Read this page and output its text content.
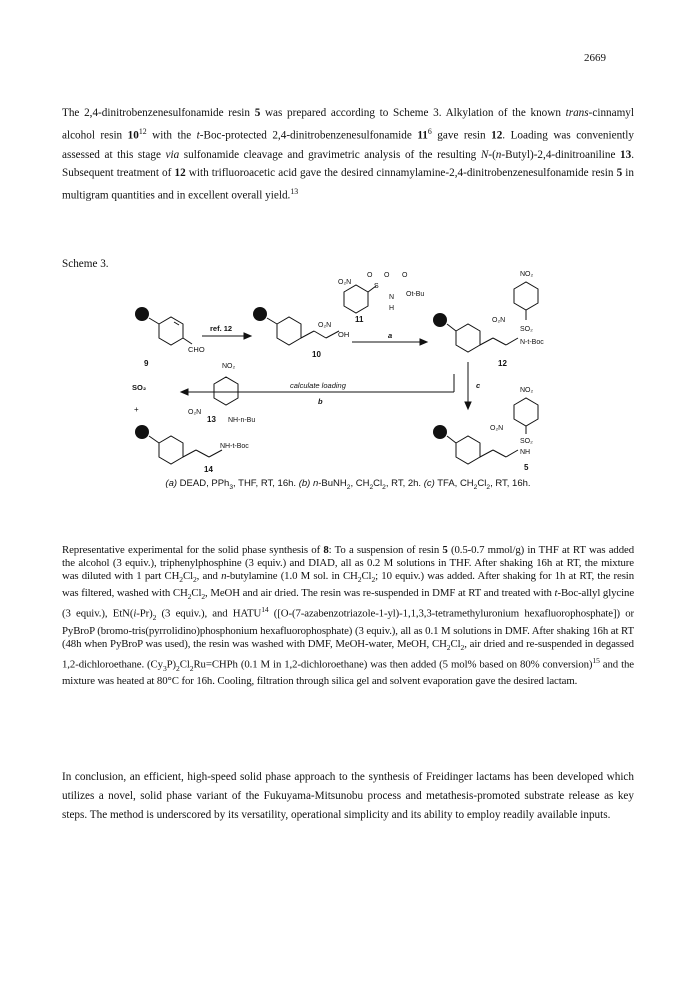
2669
The 2,4-dinitrobenzenesulfonamide resin 5 was prepared according to Scheme 3. Alkylation of the known trans-cinnamyl alcohol resin $10^{12}$ with the t-Boc-protected 2,4-dinitrobenzenesulfonamide $11^6$ gave resin 12. Loading was conveniently assessed at this stage via sulfonamide cleavage and gravimetric analysis of the resulting N-(n-Butyl)-2,4-dinitroaniline 13. Subsequent treatment of 12 with trifluoroacetic acid gave the desired cinnamylamine-2,4-dinitrobenzenesulfonamide resin 5 in multigram quantities and in excellent overall yield.$^{13}$
Scheme 3.
CHO
9
ref. 12
OH
10
O₂N
O₂N
S
O O
N
H
O
Ot-Bu
11
a
NO₂
O₂N
SO₂
N-t-Boc
12
c
calculate loading
b
SO₂
+
NO₂
O₂N
NH-n-Bu
13
NH-t-Boc
14
NO₂
O₂N
SO₂
NH
5
(a) DEAD, PPh$_3$, THF, RT, 16h. (b) n-BuNH$_2$, $CH_2Cl_2$, RT, 2h. (c) TFA, $CH_2Cl_2$, RT, 16h.
Representative experimental for the solid phase synthesis of 8: To a suspension of resin 5 (0.5-0.7 mmol/g) in THF at RT was added the alcohol (3 equiv.), triphenylphosphine (3 equiv.) and DIAD, all as 0.2 M solutions in THF. After shaking 16h at RT, the mixture was diluted with 1 part $CH_2Cl_2$, and n-butylamine (1.0 M sol. in $CH_2Cl_2$; 10 equiv.) was added. After shaking for 1h at RT, the resin was filtered, washed with $CH_2Cl_2$, MeOH and air dried. The resin was re-suspended in DMF at RT and treated with t-Boc-allyl glycine (3 equiv.), $EtN(i-Pr)_2$ (3 equiv.), and HATU$^{14}$ ([O-(7-azabenzotriazole-1-yl)-1,1,3,3-tetramethyluronium hexafluorophosphate]) or PyBroP (bromo-tris(pyrrolidino)phosphonium hexafluorophosphate) (3 equiv.), all as 0.1 M solutions in DMF. After shaking 16h at RT (48h when PyBroP was used), the resin was washed with DMF, MeOH-water, MeOH, $CH_2Cl_2$, air dried and re-suspended in degassed 1,2-dichloroethane. $(Cy_3P)_2Cl_2Ru=CHPh$ (0.1 M in 1,2-dichloroethane) was then added (5 mol% based on 80% conversion)$^{15}$ and the mixture was heated at 80°C for 16h. Cooling, filtration through silica gel and solvent evaporation gave the desired lactam.
In conclusion, an efficient, high-speed solid phase approach to the synthesis of Freidinger lactams has been developed which utilizes a novel, solid phase variant of the Fukuyama-Mitsunobu process and metathesis-promoted substrate release as key steps. The method is underscored by its versatility, operational simplicity and its ability to employ readily available inputs.
